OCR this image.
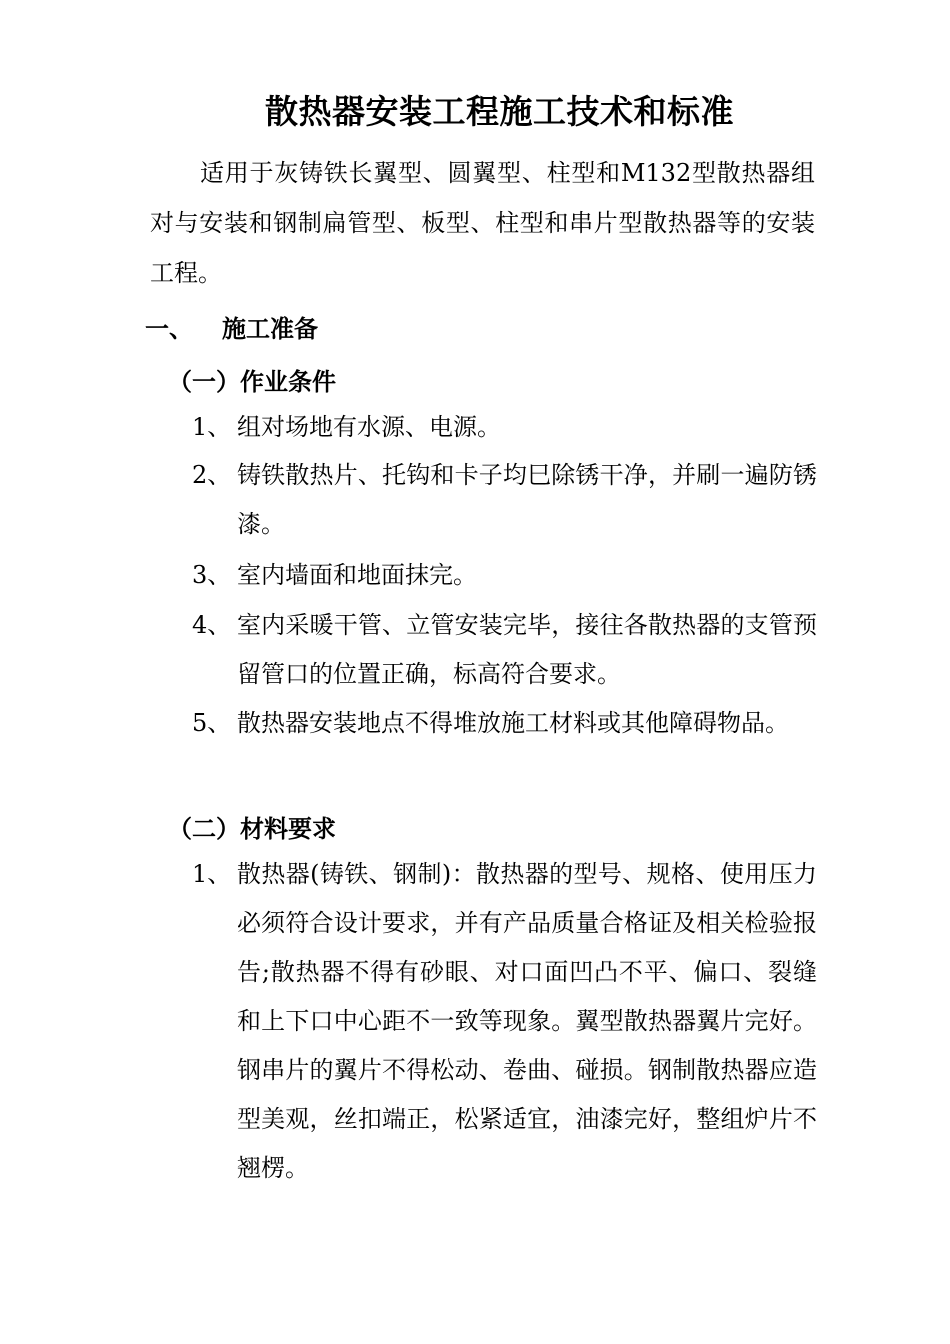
散热器安装工程施工技术和标准
适用于灰铸铁长翼型、圆翼型、柱型和M132型散热器组对与安装和钢制扁管型、板型、柱型和串片型散热器等的安装工程。
一、 施工准备
（一）作业条件
1、 组对场地有水源、电源。
2、 铸铁散热片、托钩和卡子均巳除锈干净，并刷一遍防锈漆。
3、 室内墙面和地面抹完。
4、 室内采暖干管、立管安装完毕，接往各散热器的支管预留管口的位置正确，标高符合要求。
5、 散热器安装地点不得堆放施工材料或其他障碍物品。
（二）材料要求
1、 散热器(铸铁、钢制)：散热器的型号、规格、使用压力必须符合设计要求，并有产品质量合格证及相关检验报告;散热器不得有砂眼、对口面凹凸不平、偏口、裂缝和上下口中心距不一致等现象。翼型散热器翼片完好。钢串片的翼片不得松动、卷曲、碰损。钢制散热器应造型美观，丝扣端正，松紧适宜，油漆完好，整组炉片不翘楞。
